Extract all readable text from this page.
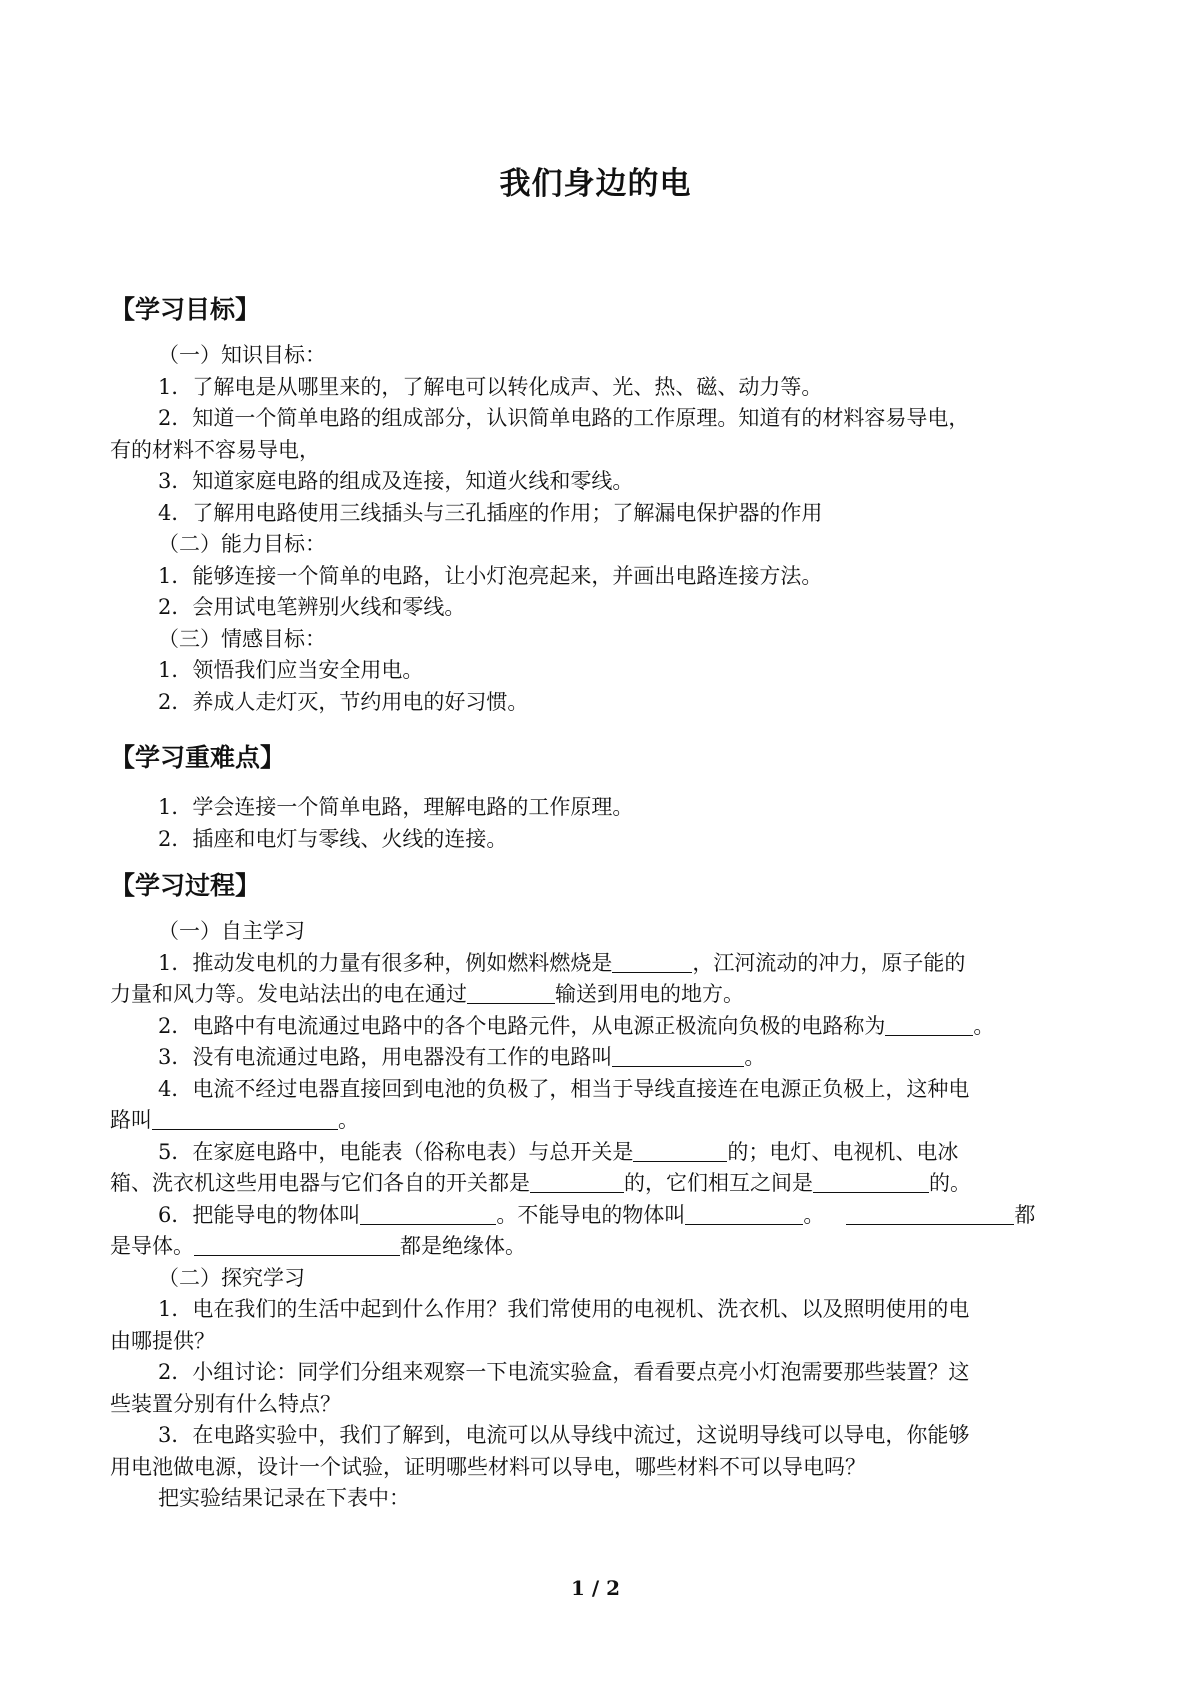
我们身边的电
【学习目标】
（一）知识目标：
1．了解电是从哪里来的，了解电可以转化成声、光、热、磁、动力等。
2．知道一个简单电路的组成部分，认识简单电路的工作原理。知道有的材料容易导电，
有的材料不容易导电，
3．知道家庭电路的组成及连接，知道火线和零线。
4．了解用电路使用三线插头与三孔插座的作用；了解漏电保护器的作用
（二）能力目标：
1．能够连接一个简单的电路，让小灯泡亮起来，并画出电路连接方法。
2．会用试电笔辨别火线和零线。
（三）情感目标：
1．领悟我们应当安全用电。
2．养成人走灯灭，节约用电的好习惯。
【学习重难点】
1．学会连接一个简单电路，理解电路的工作原理。
2．插座和电灯与零线、火线的连接。
【学习过程】
（一）自主学习
1．推动发电机的力量有很多种，例如燃料燃烧是	，江河流动的冲力，原子能的
力量和风力等。发电站法出的电在通过	输送到用电的地方。
2．电路中有电流通过电路中的各个电路元件，从电源正极流向负极的电路称为	。
3．没有电流通过电路，用电器没有工作的电路叫	。
4．电流不经过电器直接回到电池的负极了，相当于导线直接连在电源正负极上，这种电
路叫	。
5．在家庭电路中，电能表（俗称电表）与总开关是	的；电灯、电视机、电冰
箱、洗衣机这些用电器与它们各自的开关都是	的，它们相互之间是	的。
6．把能导电的物体叫	。不能导电的物体叫	。	都
是导体。	都是绝缘体。
（二）探究学习
1．电在我们的生活中起到什么作用？我们常使用的电视机、洗衣机、以及照明使用的电
由哪提供？
2．小组讨论：同学们分组来观察一下电流实验盒，看看要点亮小灯泡需要那些装置？这
些装置分别有什么特点？
3．在电路实验中，我们了解到，电流可以从导线中流过，这说明导线可以导电，你能够
用电池做电源，设计一个试验，证明哪些材料可以导电，哪些材料不可以导电吗？
把实验结果记录在下表中：
1 / 2
